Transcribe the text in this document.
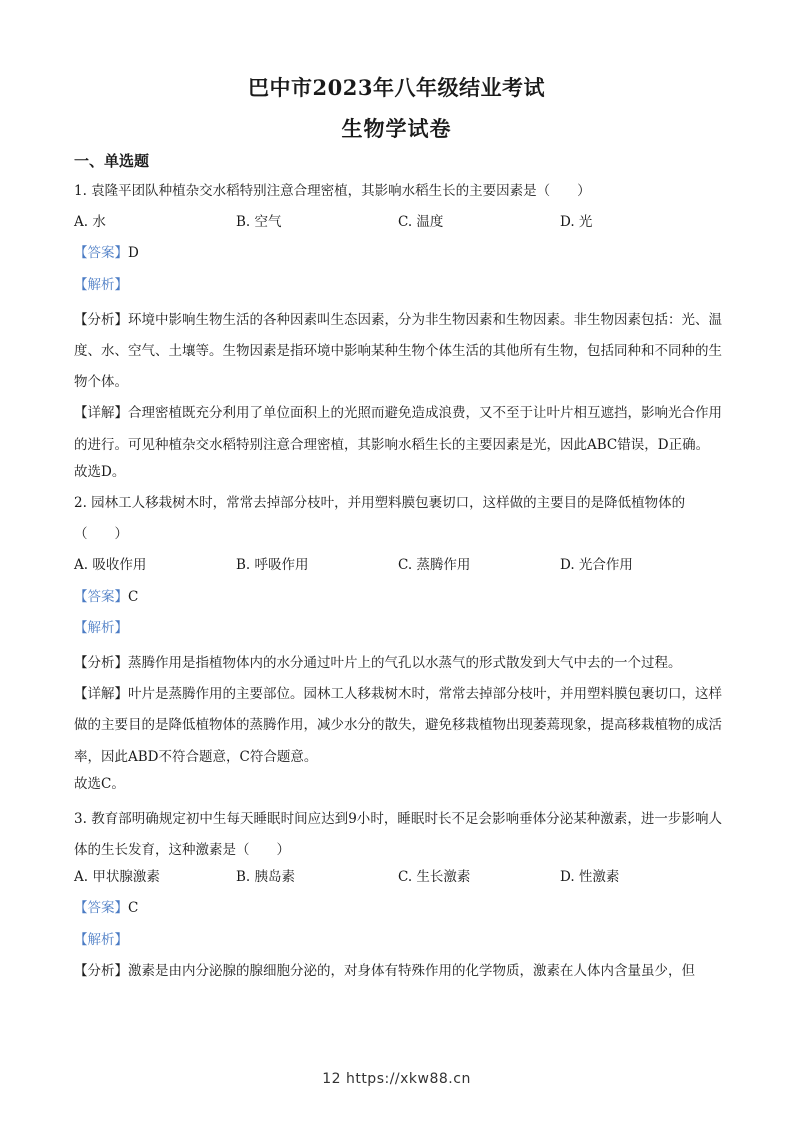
巴中市2023年八年级结业考试
生物学试卷
一、单选题
1. 袁隆平团队种植杂交水稻特别注意合理密植，其影响水稻生长的主要因素是（　　）
A. 水	B. 空气	C. 温度	D. 光
【答案】D
【解析】
【分析】环境中影响生物生活的各种因素叫生态因素，分为非生物因素和生物因素。非生物因素包括：光、温度、水、空气、土壤等。生物因素是指环境中影响某种生物个体生活的其他所有生物，包括同种和不同种的生物个体。
【详解】合理密植既充分利用了单位面积上的光照而避免造成浪费，又不至于让叶片相互遮挡，影响光合作用的进行。可见种植杂交水稻特别注意合理密植，其影响水稻生长的主要因素是光，因此ABC错误，D正确。
故选D。
2. 园林工人移栽树木时，常常去掉部分枝叶，并用塑料膜包裹切口，这样做的主要目的是降低植物体的
（　　）
A. 吸收作用	B. 呼吸作用	C. 蒸腾作用	D. 光合作用
【答案】C
【解析】
【分析】蒸腾作用是指植物体内的水分通过叶片上的气孔以水蒸气的形式散发到大气中去的一个过程。
【详解】叶片是蒸腾作用的主要部位。园林工人移栽树木时，常常去掉部分枝叶，并用塑料膜包裹切口，这样做的主要目的是降低植物体的蒸腾作用，减少水分的散失，避免移栽植物出现萎蔫现象，提高移栽植物的成活率，因此ABD不符合题意，C符合题意。
故选C。
3. 教育部明确规定初中生每天睡眠时间应达到9小时，睡眠时长不足会影响垂体分泌某种激素，进一步影响人体的生长发育，这种激素是（　　）
A. 甲状腺激素	B. 胰岛素	C. 生长激素	D. 性激素
【答案】C
【解析】
【分析】激素是由内分泌腺的腺细胞分泌的，对身体有特殊作用的化学物质，激素在人体内含量虽少，但
12 https://xkw88.cn
